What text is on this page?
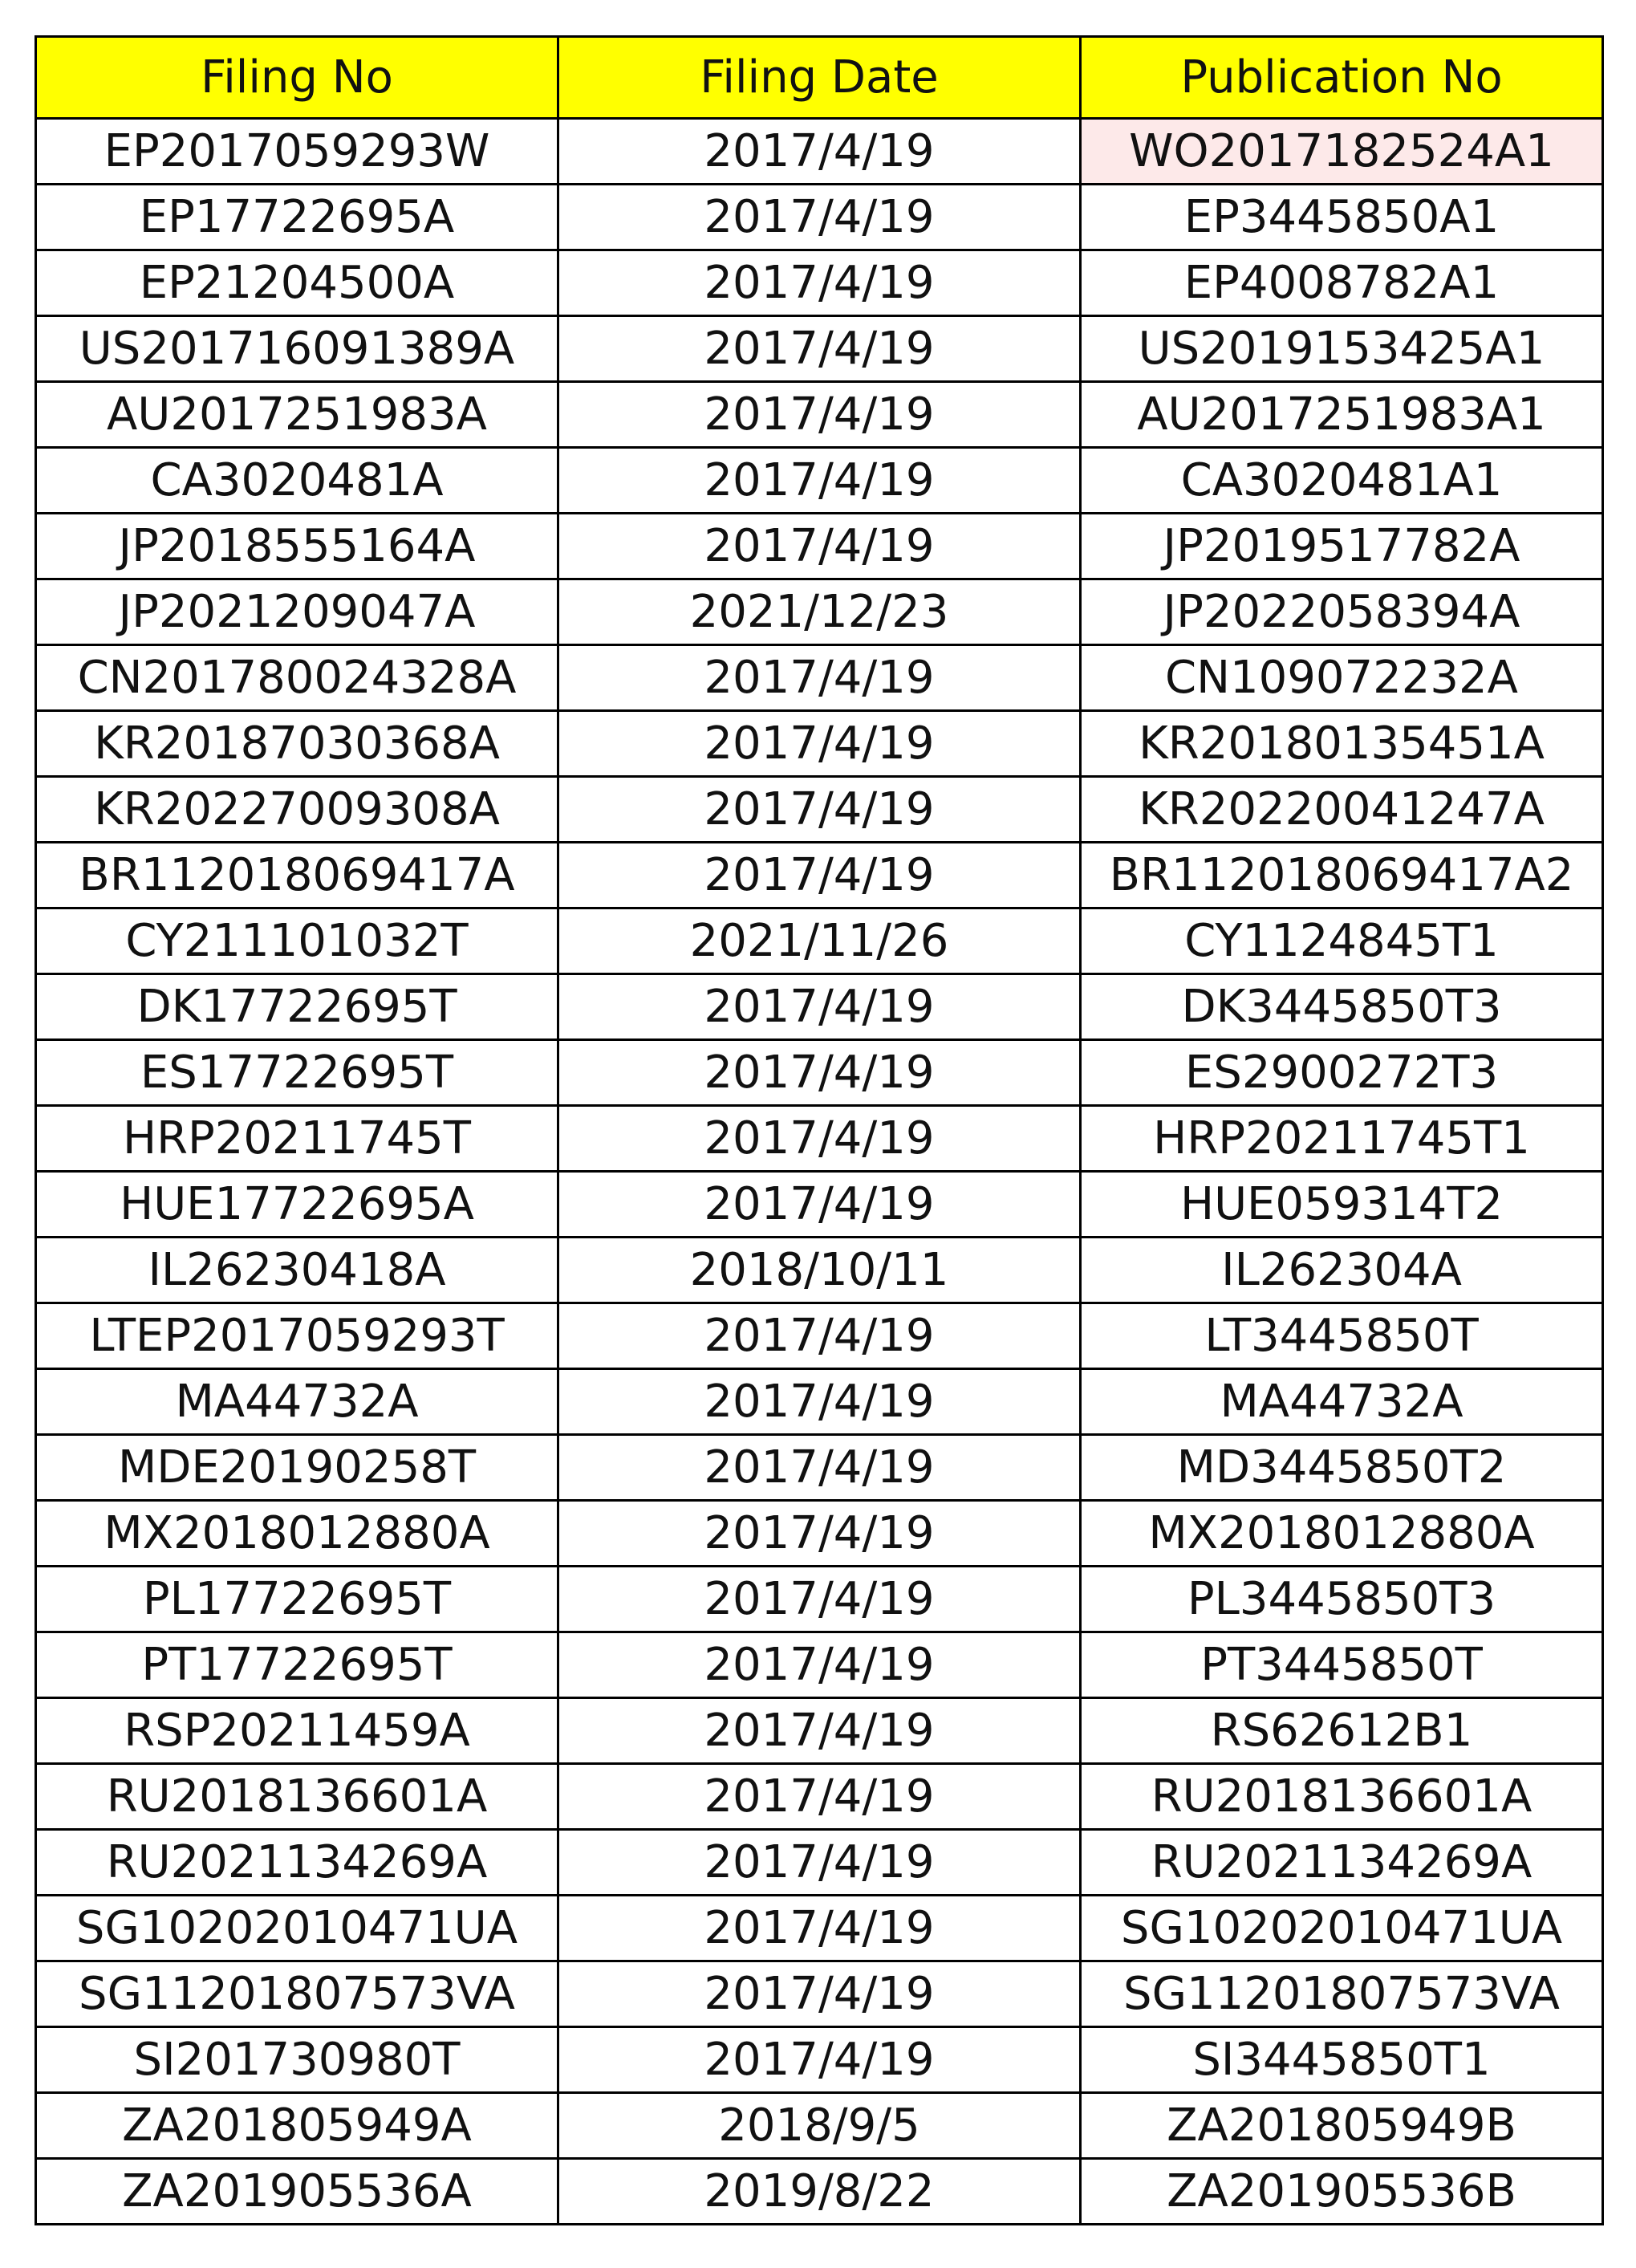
Filing No	Filing Date	Publication No
EP2017059293W	2017/4/19	WO2017182524A1
EP17722695A	2017/4/19	EP3445850A1
EP21204500A	2017/4/19	EP4008782A1
US201716091389A	2017/4/19	US2019153425A1
AU2017251983A	2017/4/19	AU2017251983A1
CA3020481A	2017/4/19	CA3020481A1
JP2018555164A	2017/4/19	JP2019517782A
JP2021209047A	2021/12/23	JP2022058394A
CN201780024328A	2017/4/19	CN109072232A
KR20187030368A	2017/4/19	KR20180135451A
KR20227009308A	2017/4/19	KR20220041247A
BR112018069417A	2017/4/19	BR112018069417A2
CY211101032T	2021/11/26	CY1124845T1
DK17722695T	2017/4/19	DK3445850T3
ES17722695T	2017/4/19	ES2900272T3
HRP20211745T	2017/4/19	HRP20211745T1
HUE17722695A	2017/4/19	HUE059314T2
IL26230418A	2018/10/11	IL262304A
LTEP2017059293T	2017/4/19	LT3445850T
MA44732A	2017/4/19	MA44732A
MDE20190258T	2017/4/19	MD3445850T2
MX2018012880A	2017/4/19	MX2018012880A
PL17722695T	2017/4/19	PL3445850T3
PT17722695T	2017/4/19	PT3445850T
RSP20211459A	2017/4/19	RS62612B1
RU2018136601A	2017/4/19	RU2018136601A
RU2021134269A	2017/4/19	RU2021134269A
SG10202010471UA	2017/4/19	SG10202010471UA
SG11201807573VA	2017/4/19	SG11201807573VA
SI201730980T	2017/4/19	SI3445850T1
ZA201805949A	2018/9/5	ZA201805949B
ZA201905536A	2019/8/22	ZA201905536B
